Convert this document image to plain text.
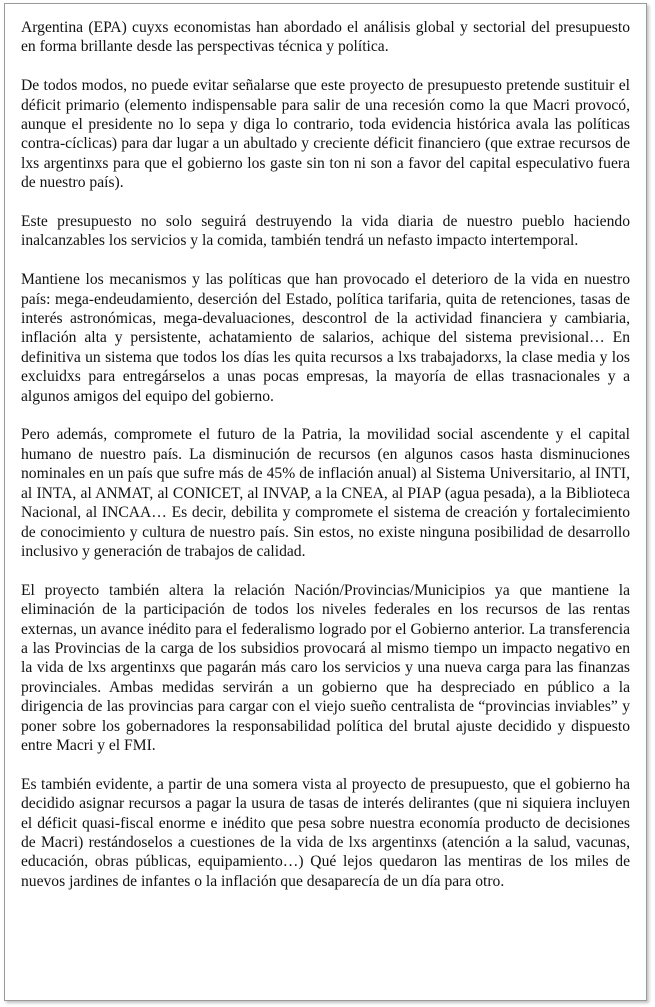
Argentina (EPA) cuyxs economistas han abordado el análisis global y sectorial del presupuesto en forma brillante desde las perspectivas técnica y política.

De todos modos, no puede evitar señalarse que este proyecto de presupuesto pretende sustituir el déficit primario (elemento indispensable para salir de una recesión como la que Macri provocó, aunque el presidente no lo sepa y diga lo contrario, toda evidencia histórica avala las políticas contra-cíclicas) para dar lugar a un abultado y creciente déficit financiero (que extrae recursos de lxs argentinxs para que el gobierno los gaste sin ton ni son a favor del capital especulativo fuera de nuestro país).

Este presupuesto no solo seguirá destruyendo la vida diaria de nuestro pueblo haciendo inalcanzables los servicios y la comida, también tendrá un nefasto impacto intertemporal.

Mantiene los mecanismos y las políticas que han provocado el deterioro de la vida en nuestro país: mega-endeudamiento, deserción del Estado, política tarifaria, quita de retenciones, tasas de interés astronómicas, mega-devaluaciones, descontrol de la actividad financiera y cambiaria, inflación alta y persistente, achatamiento de salarios, achique del sistema previsional… En definitiva un sistema que todos los días les quita recursos a lxs trabajadorxs, la clase media y los excluidxs para entregárselos a unas pocas empresas, la mayoría de ellas trasnacionales y a algunos amigos del equipo del gobierno.

Pero además, compromete el futuro de la Patria, la movilidad social ascendente y el capital humano de nuestro país. La disminución de recursos (en algunos casos hasta disminuciones nominales en un país que sufre más de 45% de inflación anual) al Sistema Universitario, al INTI, al INTA, al ANMAT, al CONICET, al INVAP, a la CNEA, al PIAP (agua pesada), a la Biblioteca Nacional, al INCAA… Es decir, debilita y compromete el sistema de creación y fortalecimiento de conocimiento y cultura de nuestro país. Sin estos, no existe ninguna posibilidad de desarrollo inclusivo y generación de trabajos de calidad.

El proyecto también altera la relación Nación/Provincias/Municipios ya que mantiene la eliminación de la participación de todos los niveles federales en los recursos de las rentas externas, un avance inédito para el federalismo logrado por el Gobierno anterior. La transferencia a las Provincias de la carga de los subsidios provocará al mismo tiempo un impacto negativo en la vida de lxs argentinxs que pagarán más caro los servicios y una nueva carga para las finanzas provinciales. Ambas medidas servirán a un gobierno que ha despreciado en público a la dirigencia de las provincias para cargar con el viejo sueño centralista de “provincias inviables” y poner sobre los gobernadores la responsabilidad política del brutal ajuste decidido y dispuesto entre Macri y el FMI.

Es también evidente, a partir de una somera vista al proyecto de presupuesto, que el gobierno ha decidido asignar recursos a pagar la usura de tasas de interés delirantes (que ni siquiera incluyen el déficit quasi-fiscal enorme e inédito que pesa sobre nuestra economía producto de decisiones de Macri) restándoselos a cuestiones de la vida de lxs argentinxs (atención a la salud, vacunas, educación, obras públicas, equipamiento…) Qué lejos quedaron las mentiras de los miles de nuevos jardines de infantes o la inflación que desaparecía de un día para otro.
